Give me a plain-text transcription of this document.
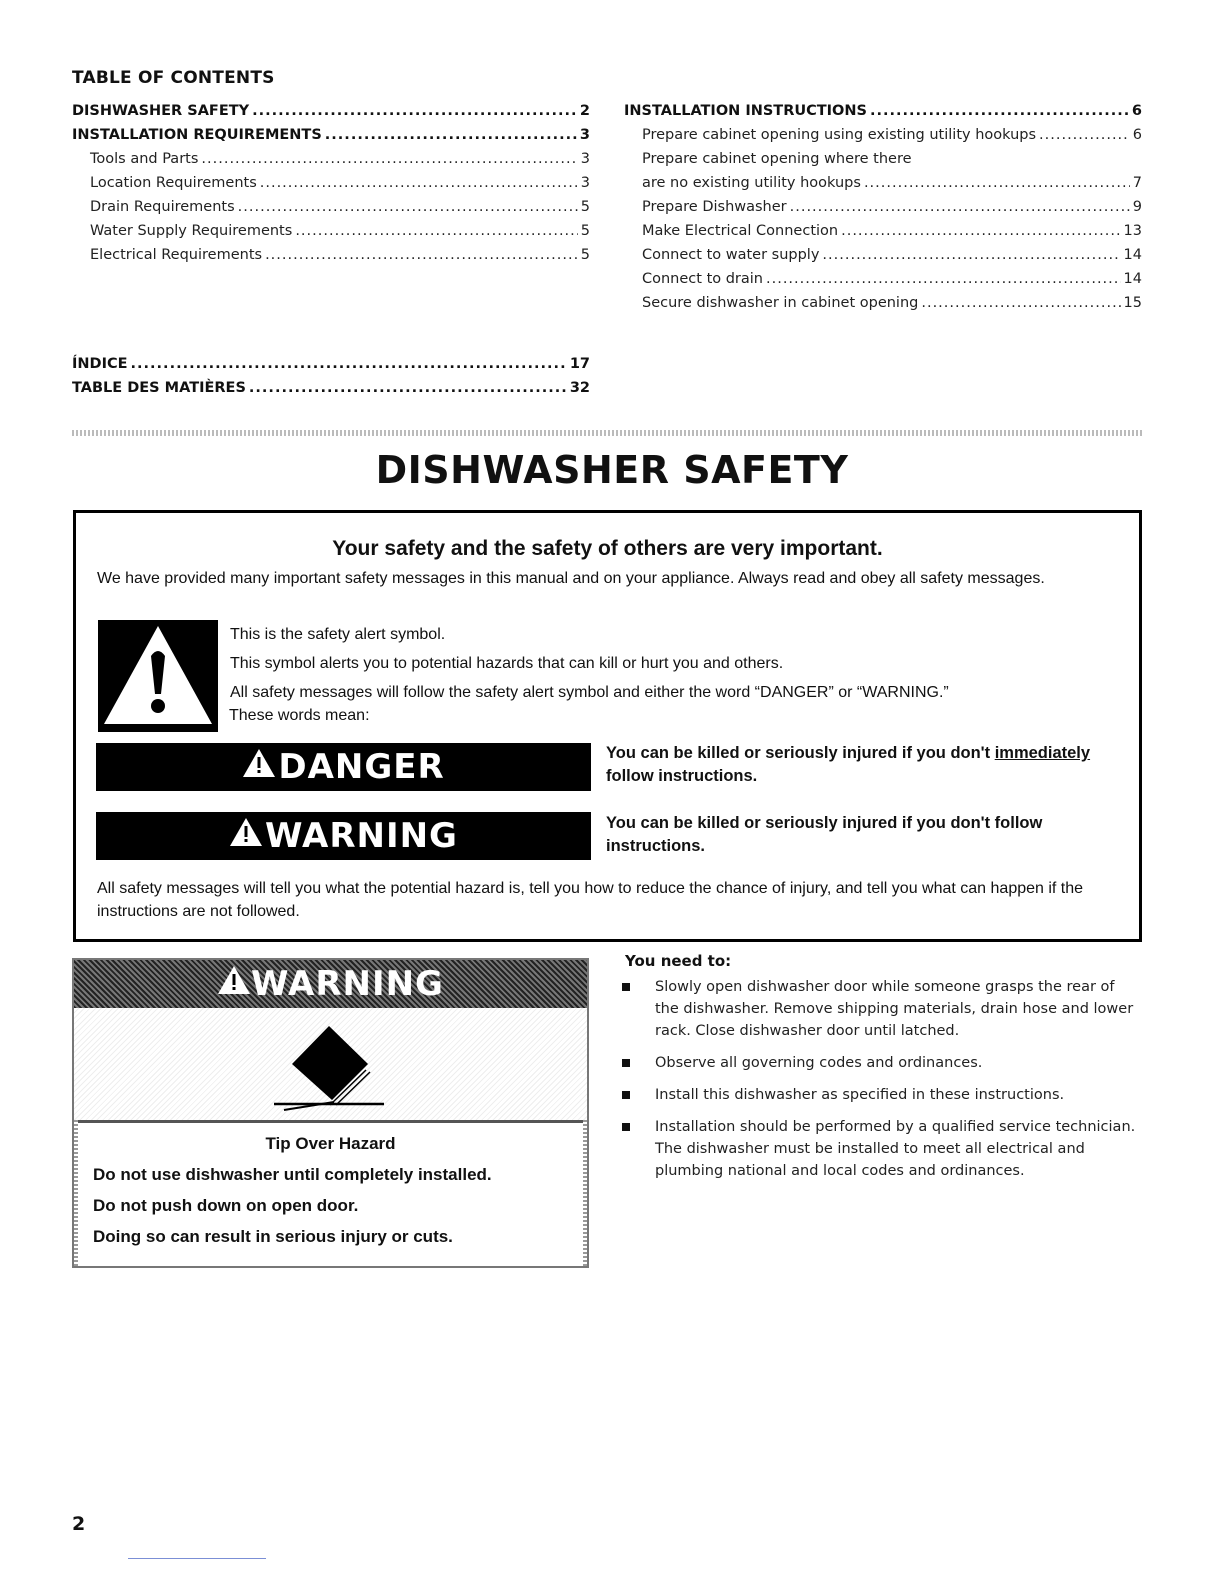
TABLE OF CONTENTS
DISHWASHER SAFETY .....	2
INSTALLATION REQUIREMENTS .....	3
Tools and Parts .....	3
Location Requirements .....	3
Drain Requirements .....	5
Water Supply Requirements .....	5
Electrical Requirements .....	5
INSTALLATION INSTRUCTIONS .....	6
Prepare cabinet opening using existing utility hookups .....	6
Prepare cabinet opening where there
are no existing utility hookups .....	7
Prepare Dishwasher .....	9
Make Electrical Connection .....	13
Connect to water supply .....	14
Connect to drain .....	14
Secure dishwasher in cabinet opening .....	15
ÍNDICE .....	17
TABLE DES MATIÈRES .....	32
DISHWASHER SAFETY
Your safety and the safety of others are very important.
We have provided many important safety messages in this manual and on your appliance. Always read and obey all safety messages.
This is the safety alert symbol.
This symbol alerts you to potential hazards that can kill or hurt you and others.
All safety messages will follow the safety alert symbol and either the word “DANGER” or “WARNING.”
These words mean:
DANGER	You can be killed or seriously injured if you don't immediately
follow instructions.
WARNING	You can be killed or seriously injured if you don't follow instructions.
All safety messages will tell you what the potential hazard is, tell you how to reduce the chance of injury, and tell you what can happen if the instructions are not followed.
WARNING
Tip Over Hazard
Do not use dishwasher until completely installed.
Do not push down on open door.
Doing so can result in serious injury or cuts.
You need to:
Slowly open dishwasher door while someone grasps the rear of the dishwasher. Remove shipping materials, drain hose and lower rack. Close dishwasher door until latched.
Observe all governing codes and ordinances.
Install this dishwasher as specified in these instructions.
Installation should be performed by a qualified service technician. The dishwasher must be installed to meet all electrical and plumbing national and local codes and ordinances.
2
